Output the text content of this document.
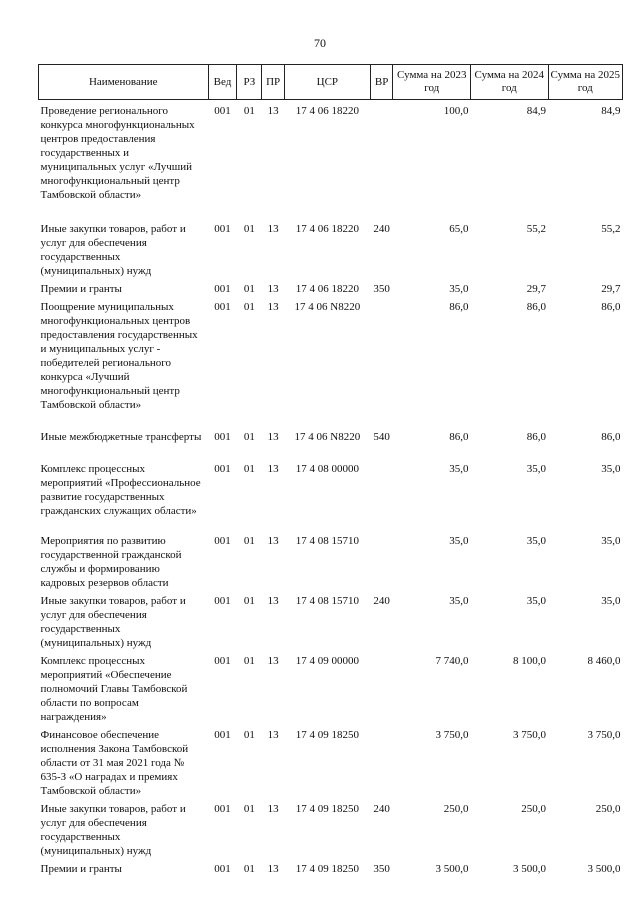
70
Наименование	Вед	РЗ	ПР	ЦСР	ВР	Сумма на 2023 год	Сумма на 2024 год	Сумма на 2025 год
Проведение регионального конкурса многофункциональных центров предоставления государственных и муниципальных услуг «Лучший многофункциональный центр Тамбовской области»	001	01	13	17 4 06 18220		100,0	84,9	84,9
Иные закупки товаров, работ и услуг для обеспечения государственных (муниципальных) нужд	001	01	13	17 4 06 18220	240	65,0	55,2	55,2
Премии и гранты	001	01	13	17 4 06 18220	350	35,0	29,7	29,7
Поощрение муниципальных многофункциональных центров предоставления государственных и муниципальных услуг - победителей регионального конкурса «Лучший многофункциональный центр Тамбовской области»	001	01	13	17 4 06 N8220		86,0	86,0	86,0
Иные межбюджетные трансферты	001	01	13	17 4 06 N8220	540	86,0	86,0	86,0
Комплекс процессных мероприятий «Профессиональное развитие государственных гражданских служащих области»	001	01	13	17 4 08 00000		35,0	35,0	35,0
Мероприятия по развитию государственной гражданской службы и формированию кадровых резервов области	001	01	13	17 4 08 15710		35,0	35,0	35,0
Иные закупки товаров, работ и услуг для обеспечения государственных (муниципальных) нужд	001	01	13	17 4 08 15710	240	35,0	35,0	35,0
Комплекс процессных мероприятий «Обеспечение полномочий Главы Тамбовской области по вопросам награждения»	001	01	13	17 4 09 00000		7 740,0	8 100,0	8 460,0
Финансовое обеспечение исполнения Закона Тамбовской области от 31 мая 2021 года № 635-З «О наградах и премиях Тамбовской области»	001	01	13	17 4 09 18250		3 750,0	3 750,0	3 750,0
Иные закупки товаров, работ и услуг для обеспечения государственных (муниципальных) нужд	001	01	13	17 4 09 18250	240	250,0	250,0	250,0
Премии и гранты	001	01	13	17 4 09 18250	350	3 500,0	3 500,0	3 500,0
